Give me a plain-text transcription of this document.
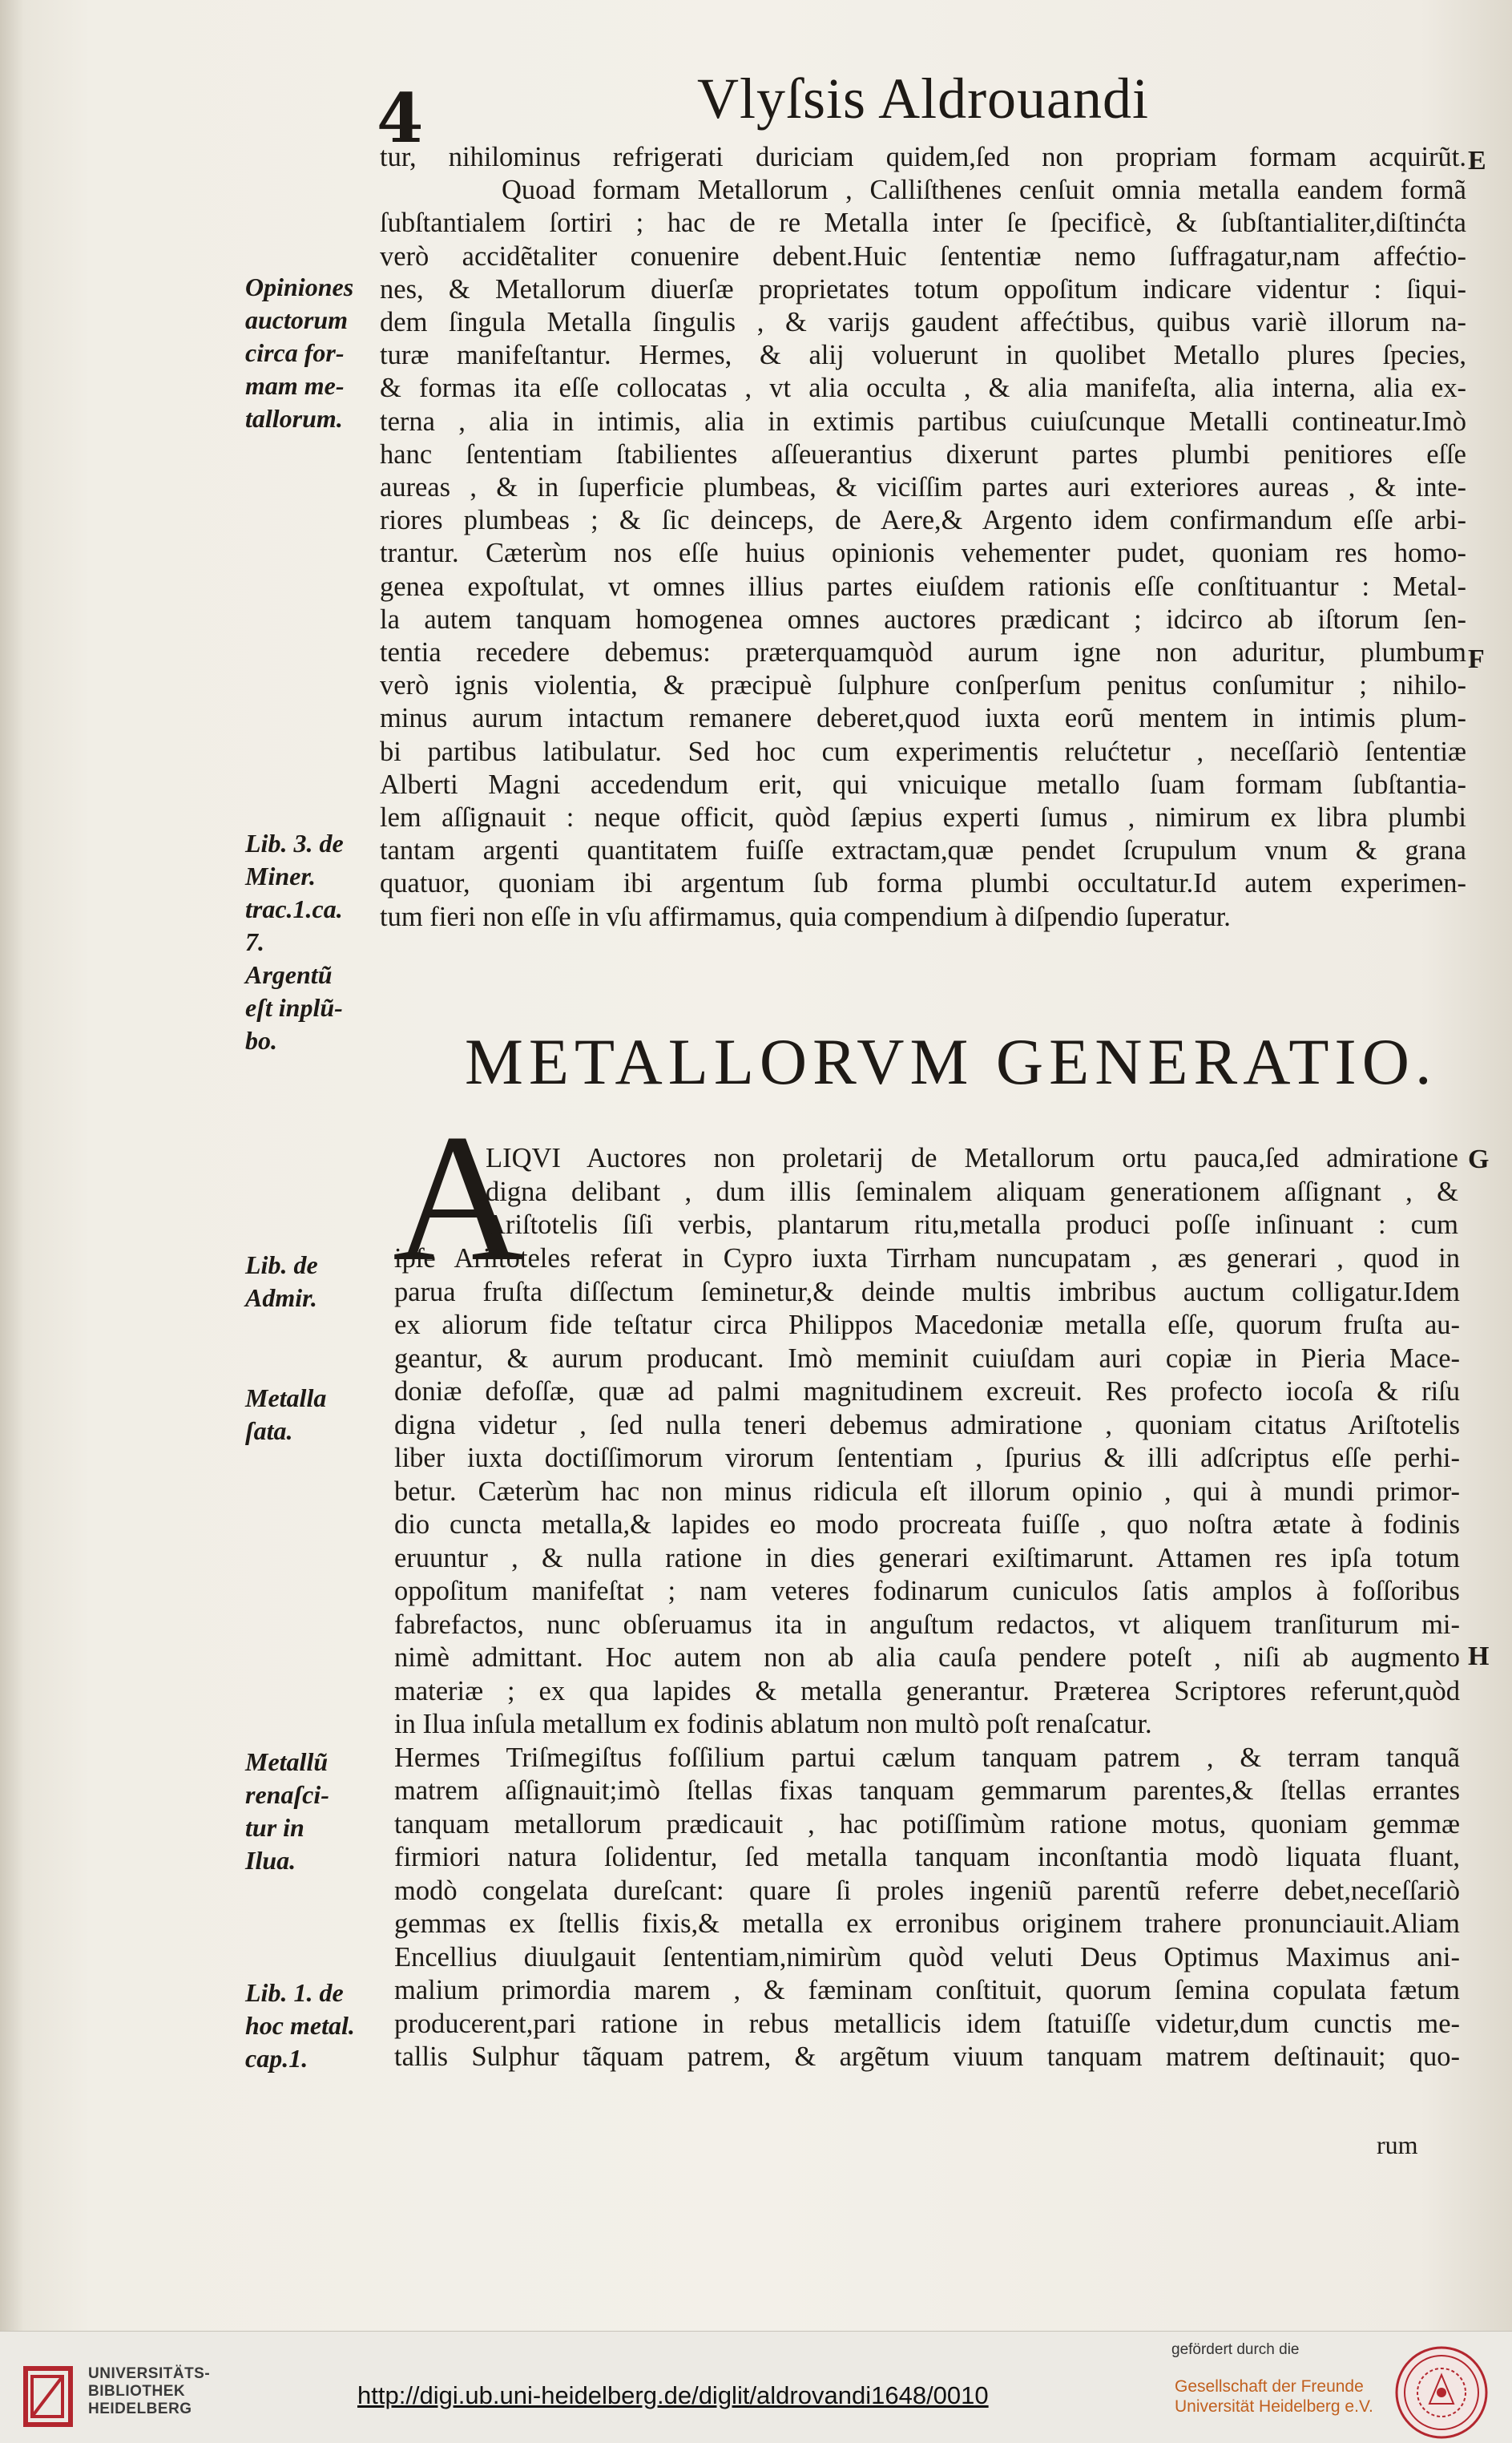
4	Vlyſsis Aldrouandi
tur, nihilominus refrigerati duriciam quidem,ſed non propriam formam acquirũt.
Quoad formam Metallorum , Calliſthenes cenſuit omnia metalla eandem formã
ſubſtantialem ſortiri ; hac de re Metalla inter ſe ſpecificè, & ſubſtantialiter,diſtinćta
verò accidẽtaliter conuenire debent.Huic ſententiæ nemo ſuffragatur,nam affećtio-
nes, & Metallorum diuerſæ proprietates totum oppoſitum indicare videntur : ſiqui-
dem ſingula Metalla ſingulis , & varijs gaudent affećtibus, quibus variè illorum na-
turæ manifeſtantur. Hermes, & alij voluerunt in quolibet Metallo plures ſpecies,
& formas ita eſſe collocatas , vt alia occulta , & alia manifeſta, alia interna, alia ex-
terna , alia in intimis, alia in extimis partibus cuiuſcunque Metalli contineatur.Imò
hanc ſententiam ſtabilientes aſſeuerantius dixerunt partes plumbi penitiores eſſe
aureas , & in ſuperficie plumbeas, & viciſſim partes auri exteriores aureas , & inte-
riores plumbeas ; & ſic deinceps, de Aere,& Argento idem confirmandum eſſe arbi-
trantur. Cæterùm nos eſſe huius opinionis vehementer pudet, quoniam res homo-
genea expoſtulat, vt omnes illius partes eiuſdem rationis eſſe conſtituantur : Metal-
la autem tanquam homogenea omnes auctores prædicant ; idcirco ab iſtorum ſen-
tentia recedere debemus: præterquamquòd aurum igne non aduritur, plumbum
verò ignis violentia, & præcipuè ſulphure conſperſum penitus conſumitur ; nihilo-
minus aurum intactum remanere deberet,quod iuxta eorũ mentem in intimis plum-
bi partibus latibulatur. Sed hoc cum experimentis relućtetur , neceſſariò ſententiæ
Alberti Magni accedendum erit, qui vnicuique metallo ſuam formam ſubſtantia-
lem aſſignauit : neque officit, quòd ſæpius experti ſumus , nimirum ex libra plumbi
tantam argenti quantitatem fuiſſe extractam,quæ pendet ſcrupulum vnum & grana
quatuor, quoniam ibi argentum ſub forma plumbi occultatur.Id autem experimen-
tum fieri non eſſe in vſu affirmamus, quia compendium à diſpendio ſuperatur.
METALLORVM GENERATIO.
A
LIQVI Auctores non proletarij de Metallorum ortu pauca,ſed admiratione
digna delibant , dum illis ſeminalem aliquam generationem aſſignant , &
Ariſtotelis ſiſi verbis, plantarum ritu,metalla produci poſſe inſinuant : cum
ipſe Ariſtoteles referat in Cypro iuxta Tirrham nuncupatam , æs generari , quod in
parua fruſta diſſectum ſeminetur,& deinde multis imbribus auctum colligatur.Idem
ex aliorum fide teſtatur circa Philippos Macedoniæ metalla eſſe, quorum fruſta au-
geantur, & aurum producant. Imò meminit cuiuſdam auri copiæ in Pieria Mace-
doniæ defoſſæ, quæ ad palmi magnitudinem excreuit. Res profecto iocoſa & riſu
digna videtur , ſed nulla teneri debemus admiratione , quoniam citatus Ariſtotelis
liber iuxta doctiſſimorum virorum ſententiam , ſpurius & illi adſcriptus eſſe perhi-
betur. Cæterùm hac non minus ridicula eſt illorum opinio , qui à mundi primor-
dio cuncta metalla,& lapides eo modo procreata fuiſſe , quo noſtra ætate à fodinis
eruuntur , & nulla ratione in dies generari exiſtimarunt. Attamen res ipſa totum
oppoſitum manifeſtat ; nam veteres fodinarum cuniculos ſatis amplos à foſſoribus
fabrefactos, nunc obſeruamus ita in anguſtum redactos, vt aliquem tranſiturum mi-
nimè admittant. Hoc autem non ab alia cauſa pendere poteſt , niſi ab augmento
materiæ ; ex qua lapides & metalla generantur. Præterea Scriptores referunt,quòd
in Ilua inſula metallum ex fodinis ablatum non multò poſt renaſcatur.
Hermes Triſmegiſtus foſſilium partui cælum tanquam patrem , & terram tanquã
matrem aſſignauit;imò ſtellas fixas tanquam gemmarum parentes,& ſtellas errantes
tanquam metallorum prædicauit , hac potiſſimùm ratione motus, quoniam gemmæ
firmiori natura ſolidentur, ſed metalla tanquam inconſtantia modò liquata fluant,
modò congelata dureſcant: quare ſi proles ingeniũ parentũ referre debet,neceſſariò
gemmas ex ſtellis fixis,& metalla ex erronibus originem trahere pronunciauit.Aliam
Encellius diuulgauit ſententiam,nimirùm quòd veluti Deus Optimus Maximus ani-
malium primordia marem , & fæminam conſtituit, quorum ſemina copulata fætum
producerent,pari ratione in rebus metallicis idem ſtatuiſſe videtur,dum cunctis me-
tallis Sulphur tãquam patrem, & argẽtum viuum tanquam matrem deſtinauit; quo-
Opiniones
auctorum
circa for-
mam me-
tallorum.
Lib. 3. de
Miner.
trac.1.ca.
7.
Argentũ
eſt inplũ-
bo.
Lib. de
Admir.
Metalla
ſata.
Metallũ
renaſci-
tur in
Ilua.
Lib. 1. de
hoc metal.
cap.1.
E
F
G
H
rum
UNIVERSITÄTS-
BIBLIOTHEK
HEIDELBERG	http://digi.ub.uni-heidelberg.de/diglit/aldrovandi1648/0010
gefördert durch die
Gesellschaft der Freunde
Universität Heidelberg e.V.
